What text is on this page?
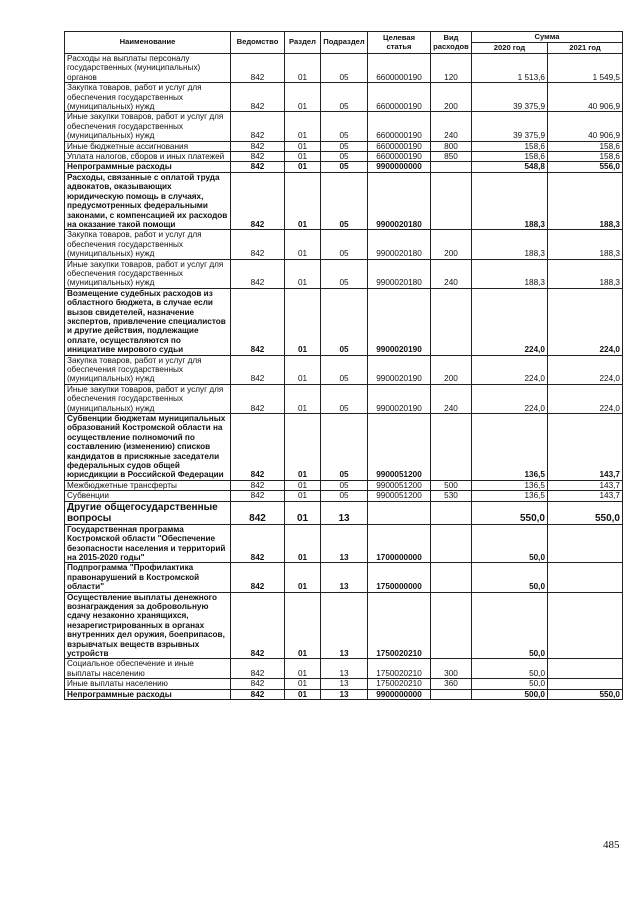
Наименование	Ведомство	Раздел	Подраздел	Целевая статья	Вид расходов	Сумма	
						2020 год	2021 год
Расходы на выплаты персоналу государственных (муниципальных) органов	842	01	05	6600000190	120	1 513,6	1 549,5
Закупка товаров, работ и услуг для обеспечения государственных (муниципальных) нужд	842	01	05	6600000190	200	39 375,9	40 906,9
Иные закупки товаров, работ и услуг для обеспечения государственных (муниципальных) нужд	842	01	05	6600000190	240	39 375,9	40 906,9
Иные бюджетные ассигнования	842	01	05	6600000190	800	158,6	158,6
Уплата налогов, сборов и иных платежей	842	01	05	6600000190	850	158,6	158,6
Непрограммные расходы	842	01	05	9900000000		548,8	556,0
Расходы, связанные с оплатой труда адвокатов, оказывающих юридическую помощь в случаях, предусмотренных федеральными законами, с компенсацией их расходов на оказание такой помощи	842	01	05	9900020180		188,3	188,3
Закупка товаров, работ и услуг для обеспечения государственных (муниципальных) нужд	842	01	05	9900020180	200	188,3	188,3
Иные закупки товаров, работ и услуг для обеспечения государственных (муниципальных) нужд	842	01	05	9900020180	240	188,3	188,3
Возмещение судебных расходов из областного бюджета, в случае если вызов свидетелей, назначение экспертов, привлечение специалистов и другие действия, подлежащие оплате, осуществляются по инициативе мирового судьи	842	01	05	9900020190		224,0	224,0
Закупка товаров, работ и услуг для обеспечения государственных (муниципальных) нужд	842	01	05	9900020190	200	224,0	224,0
Иные закупки товаров, работ и услуг для обеспечения государственных (муниципальных) нужд	842	01	05	9900020190	240	224,0	224,0
Субвенции бюджетам муниципальных образований Костромской области на осуществление полномочий по составлению (изменению) списков кандидатов в присяжные заседатели федеральных судов общей юрисдикции в Российской Федерации	842	01	05	9900051200		136,5	143,7
Межбюджетные трансферты	842	01	05	9900051200	500	136,5	143,7
Субвенции	842	01	05	9900051200	530	136,5	143,7
Другие общегосударственные вопросы	842	01	13			550,0	550,0
Государственная программа Костромской области "Обеспечение безопасности населения и территорий на 2015-2020 годы"	842	01	13	1700000000		50,0	
Подпрограмма "Профилактика правонарушений в Костромской области"	842	01	13	1750000000		50,0	
Осуществление выплаты денежного вознаграждения за добровольную сдачу незаконно хранящихся, незарегистрированных в органах внутренних дел оружия, боеприпасов, взрывчатых веществ взрывных устройств	842	01	13	1750020210		50,0	
Социальное обеспечение и иные выплаты населению	842	01	13	1750020210	300	50,0	
Иные выплаты населению	842	01	13	1750020210	360	50,0	
Непрограммные расходы	842	01	13	9900000000		500,0	550,0
485
